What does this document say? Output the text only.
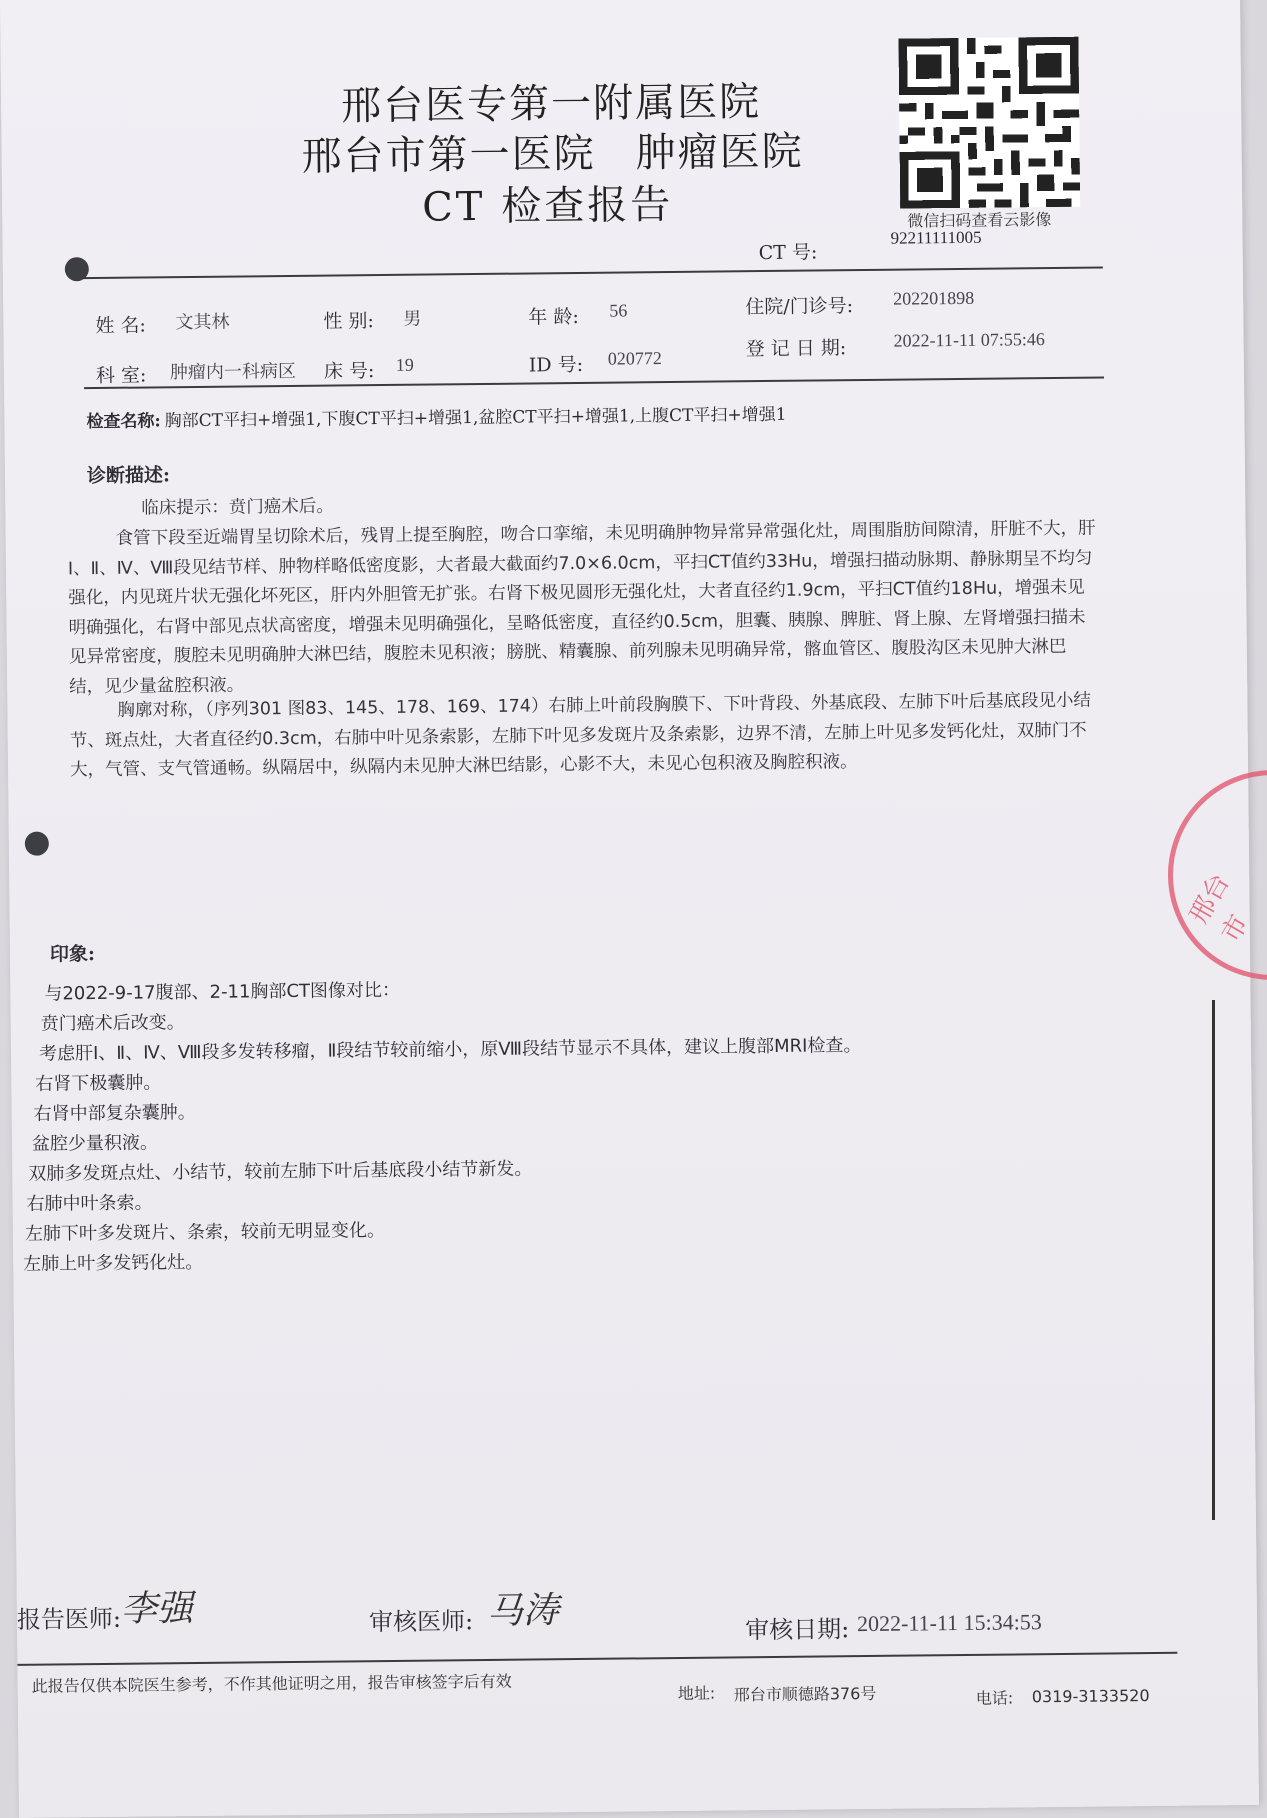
邢台医专第一附属医院
邢台市第一医院 肿瘤医院
CT 检查报告	微信扫码查看云影像
CT 号:
92211111005
姓 名: 文其林	性 别: 男	年 龄: 56	住院/门诊号: 202201898
科 室: 肿瘤内一科病区 床 号: 19	ID 号: 020772	登 记 日 期:	2022-11-11 07:55:46
检查名称: 胸部CT平扫+增强1,下腹CT平扫+增强1,盆腔CT平扫+增强1,上腹CT平扫+增强1
诊断描述:
临床提示：贲门癌术后。
食管下段至近端胃呈切除术后，残胃上提至胸腔，吻合口挛缩，未见明确肿物异常异常强化灶，周围脂肪间隙清，肝脏不大，肝Ⅰ、Ⅱ、Ⅳ、Ⅷ段见结节样、肿物样略低密度影，大者最大截面约7.0×6.0cm，平扫CT值约33Hu，增强扫描动脉期、静脉期呈不均匀强化，内见斑片状无强化坏死区，肝内外胆管无扩张。右肾下极见圆形无强化灶，大者直径约1.9cm，平扫CT值约18Hu，增强未见明确强化，右肾中部见点状高密度，增强未见明确强化，呈略低密度，直径约0.5cm，胆囊、胰腺、脾脏、肾上腺、左肾增强扫描未见异常密度，腹腔未见明确肿大淋巴结，腹腔未见积液；膀胱、精囊腺、前列腺未见明确异常，髂血管区、腹股沟区未见肿大淋巴结，见少量盆腔积液。
胸廓对称，（序列301 图83、145、178、169、174）右肺上叶前段胸膜下、下叶背段、外基底段、左肺下叶后基底段见小结节、斑点灶，大者直径约0.3cm，右肺中叶见条索影，左肺下叶见多发斑片及条索影，边界不清，左肺上叶见多发钙化灶，双肺门不大，气管、支气管通畅。纵隔居中，纵隔内未见肿大淋巴结影，心影不大，未见心包积液及胸腔积液。
印象:
与2022-9-17腹部、2-11胸部CT图像对比：
贲门癌术后改变。
考虑肝Ⅰ、Ⅱ、Ⅳ、Ⅷ段多发转移瘤，Ⅱ段结节较前缩小，原Ⅷ段结节显示不具体，建议上腹部MRI检查。
右肾下极囊肿。
右肾中部复杂囊肿。
盆腔少量积液。
双肺多发斑点灶、小结节，较前左肺下叶后基底段小结节新发。
右肺中叶条索。
左肺下叶多发斑片、条索，较前无明显变化。
左肺上叶多发钙化灶。
报告医师: 李强	审核医师: 马涛	审核日期: 2022-11-11 15:34:53
此报告仅供本院医生参考，不作其他证明之用，报告审核签字后有效	地址: 邢台市顺德路376号	电话: 0319-3133520
邢台市
